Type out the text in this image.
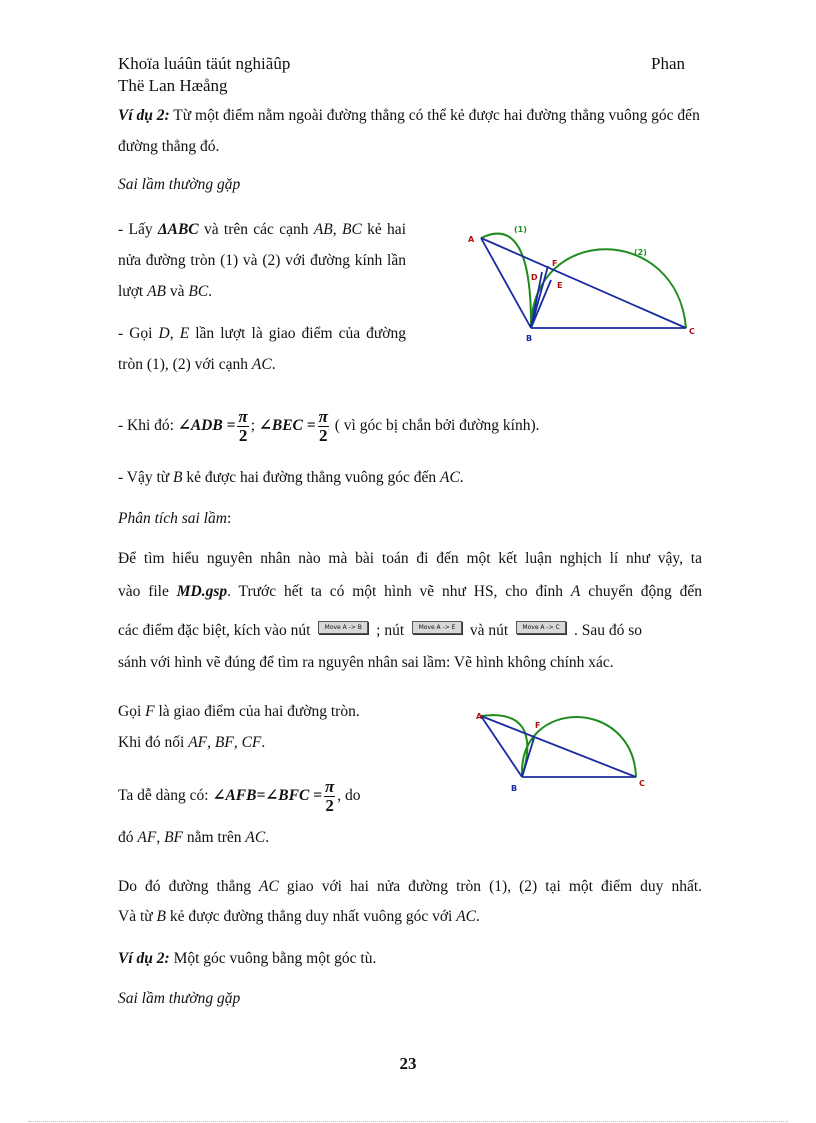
Khoïa luáûn täút nghiãûp	Phan
Thë Lan Hæång
Ví dụ 2: Từ một điểm nằm ngoài đường thẳng có thể kẻ được hai đường thẳng vuông góc đến đường thẳng đó.
Sai lầm thường gặp
- Lấy ΔABC và trên các cạnh AB, BC kẻ hai nửa đường tròn (1) và (2) với đường kính lần lượt AB và BC.
- Gọi D, E lần lượt là giao điểm của đường tròn (1), (2) với cạnh AC.
A
B
C
D
E
F
(1)
(2)
- Khi đó: ∠ADB = $\frac{\pi}{2}$ ; ∠BEC = $\frac{\pi}{2}$ ( vì góc bị chắn bởi đường kính).
- Vậy từ B kẻ được hai đường thẳng vuông góc đến AC.
Phân tích sai lầm:
Để tìm hiểu nguyên nhân nào mà bài toán đi đến một kết luận nghịch lí như vậy, ta
vào file MD.gsp. Trước hết ta có một hình vẽ như HS, cho đỉnh A chuyển động đến
các điểm đặc biệt, kích vào nút Move A -> B ; nút Move A -> E và nút Move A -> C . Sau đó so
sánh với hình vẽ đúng để tìm ra nguyên nhân sai lầm: Vẽ hình không chính xác.
Gọi F là giao điểm của hai đường tròn.
Khi đó nối AF, BF, CF.
Ta dễ dàng có: ∠AFB=∠BFC = $\frac{\pi}{2}$ , do
đó AF, BF nằm trên AC.
A
B
C
F
Do đó đường thẳng AC giao với hai nửa đường tròn (1), (2) tại một điểm duy nhất.
Và từ B kẻ được đường thẳng duy nhất vuông góc với AC.
Ví dụ 2: Một góc vuông bằng một góc tù.
Sai lầm thường gặp
23
